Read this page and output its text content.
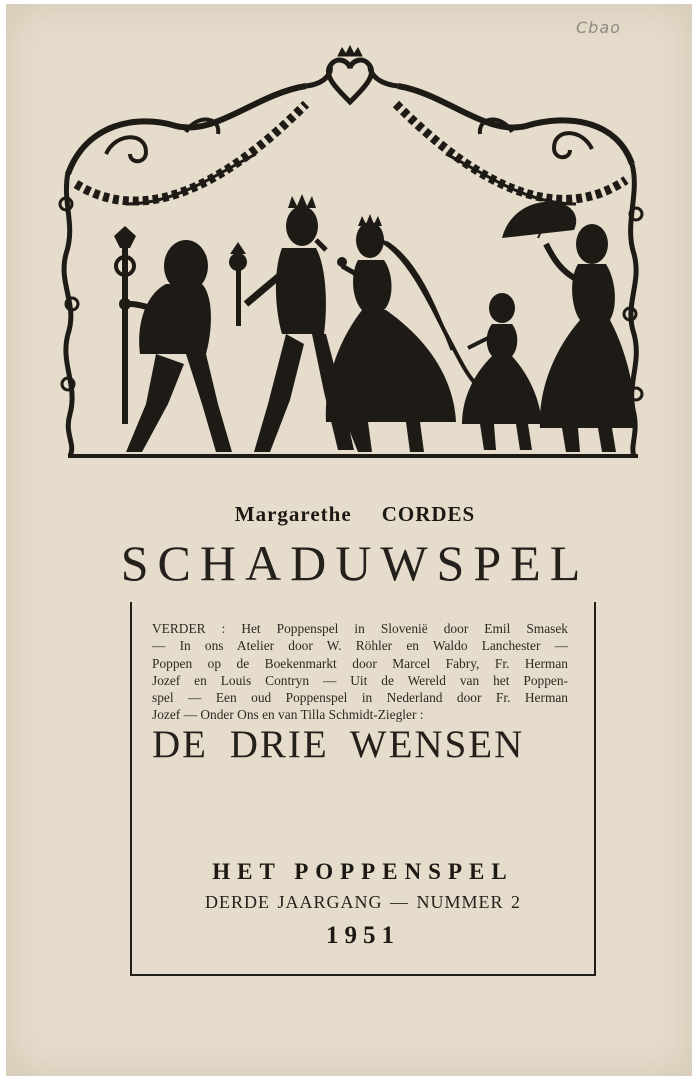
Cbao
Margarethe CORDES
SCHADUWSPEL
VERDER : Het Poppenspel in Slovenië door Emil Smasek
— In ons Atelier door W. Röhler en Waldo Lanchester —
Poppen op de Boekenmarkt door Marcel Fabry, Fr. Herman
Jozef en Louis Contryn — Uit de Wereld van het Poppen-
spel — Een oud Poppenspel in Nederland door Fr. Herman
Jozef — Onder Ons en van Tilla Schmidt-Ziegler :
DE DRIE WENSEN
HET POPPENSPEL
DERDE JAARGANG — NUMMER 2
1951
